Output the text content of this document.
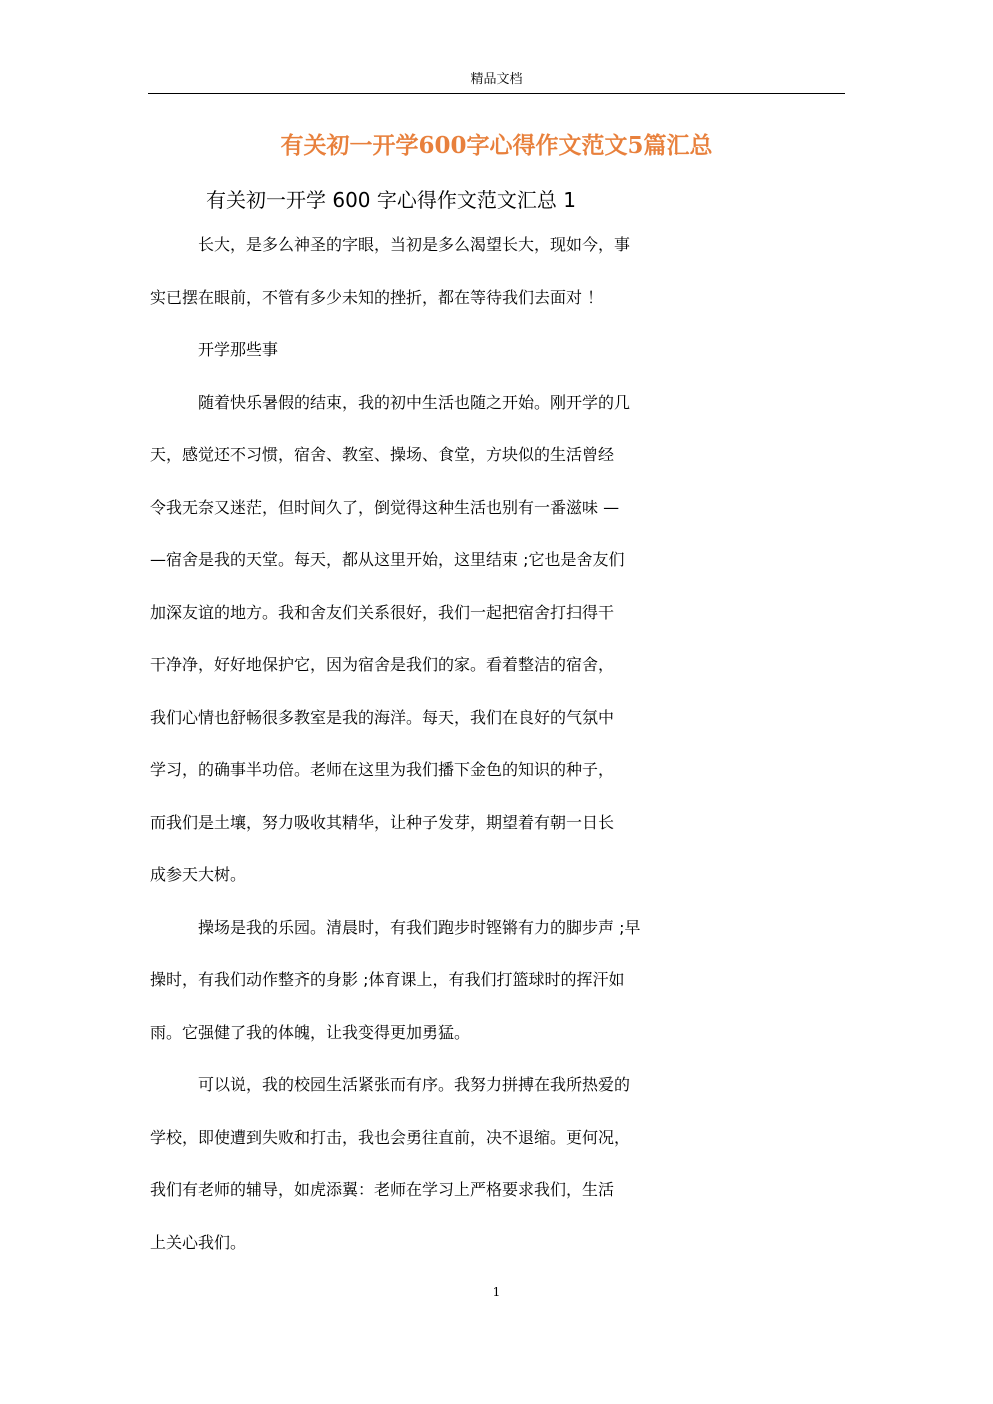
精品文档
有关初一开学600字心得作文范文5篇汇总
有关初一开学 600 字心得作文范文汇总 1
长大，是多么神圣的字眼，当初是多么渴望长大，现如今，事
实已摆在眼前，不管有多少未知的挫折，都在等待我们去面对 ！
开学那些事
随着快乐暑假的结束，我的初中生活也随之开始。刚开学的几
天，感觉还不习惯，宿舍、教室、操场、食堂，方块似的生活曾经
令我无奈又迷茫，但时间久了，倒觉得这种生活也别有一番滋味 —
—宿舍是我的天堂。每天，都从这里开始，这里结束 ;它也是舍友们
加深友谊的地方。我和舍友们关系很好，我们一起把宿舍打扫得干
干净净，好好地保护它，因为宿舍是我们的家。看着整洁的宿舍，
我们心情也舒畅很多教室是我的海洋。每天，我们在良好的气氛中
学习，的确事半功倍。老师在这里为我们播下金色的知识的种子，
而我们是土壤，努力吸收其精华，让种子发芽，期望着有朝一日长
成参天大树。
操场是我的乐园。清晨时，有我们跑步时铿锵有力的脚步声 ;早
操时，有我们动作整齐的身影 ;体育课上，有我们打篮球时的挥汗如
雨。它强健了我的体魄，让我变得更加勇猛。
可以说，我的校园生活紧张而有序。我努力拼搏在我所热爱的
学校，即使遭到失败和打击，我也会勇往直前，决不退缩。更何况，
我们有老师的辅导，如虎添翼：老师在学习上严格要求我们，生活
上关心我们。
1
